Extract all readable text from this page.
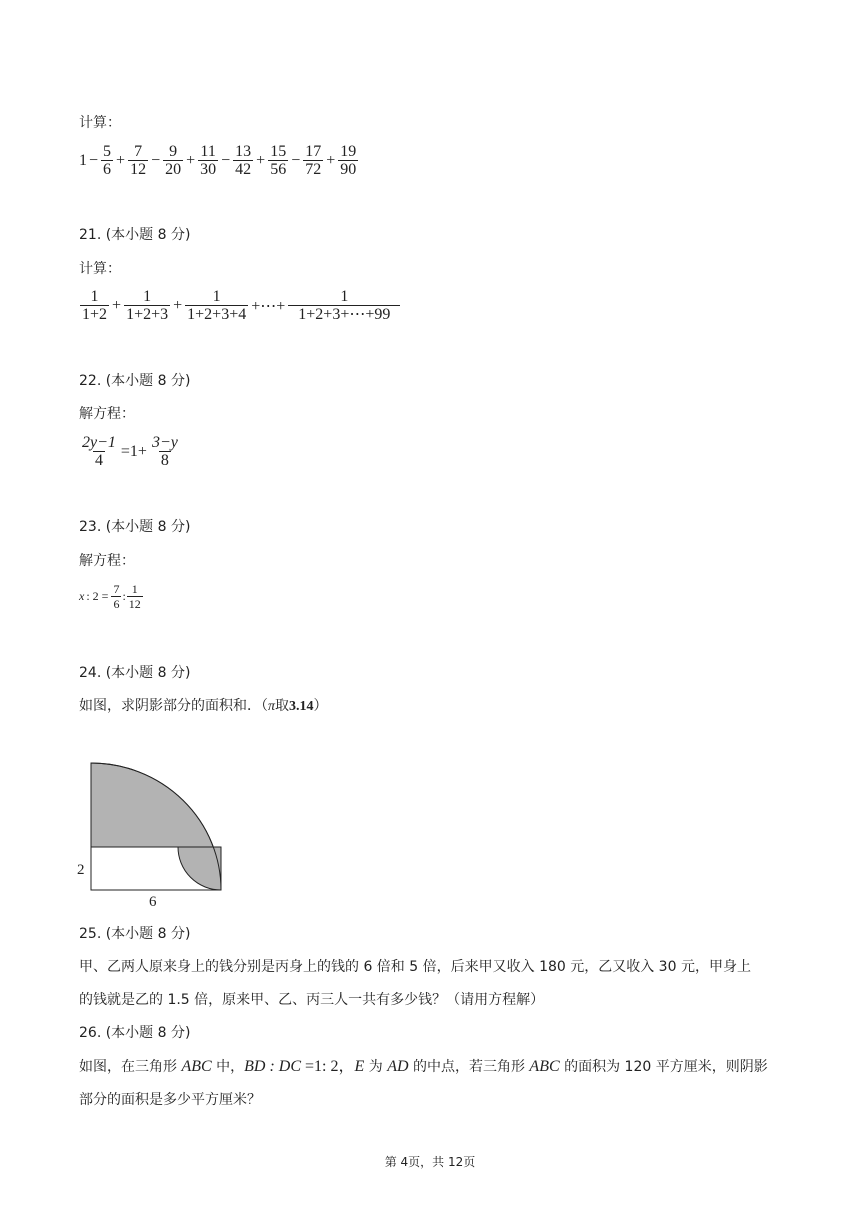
计算：
$1 - \frac{5}{6} + \frac{7}{12} - \frac{9}{20} + \frac{11}{30} - \frac{13}{42} + \frac{15}{56} - \frac{17}{72} + \frac{19}{90}$
21. (本小题 8 分)
计算：
$\frac{1}{1+2} + \frac{1}{1+2+3} + \frac{1}{1+2+3+4}$ +⋯+ $\frac{1}{1+2+3+\cdots+99}$
22. (本小题 8 分)
解方程：
$\frac{2y-1}{4} =1+ \frac{3-y}{8}$
23. (本小题 8 分)
解方程：
x : $2 = \frac{7}{6}$ : $\frac{1}{12}$
24. (本小题 8 分)
如图，求阴影部分的面积和．（π取3.14）
2
6
25. (本小题 8 分)
甲、乙两人原来身上的钱分别是丙身上的钱的 6 倍和 5 倍，后来甲又收入 180 元，乙又收入 30 元，甲身上
的钱就是乙的 1.5 倍，原来甲、乙、丙三人一共有多少钱？（请用方程解）
26. (本小题 8 分)
如图，在三角形 ABC 中，BD : DC =1: 2，E 为 AD 的中点，若三角形 ABC 的面积为 120 平方厘米，则阴影
部分的面积是多少平方厘米？
第 4页，共 12页
